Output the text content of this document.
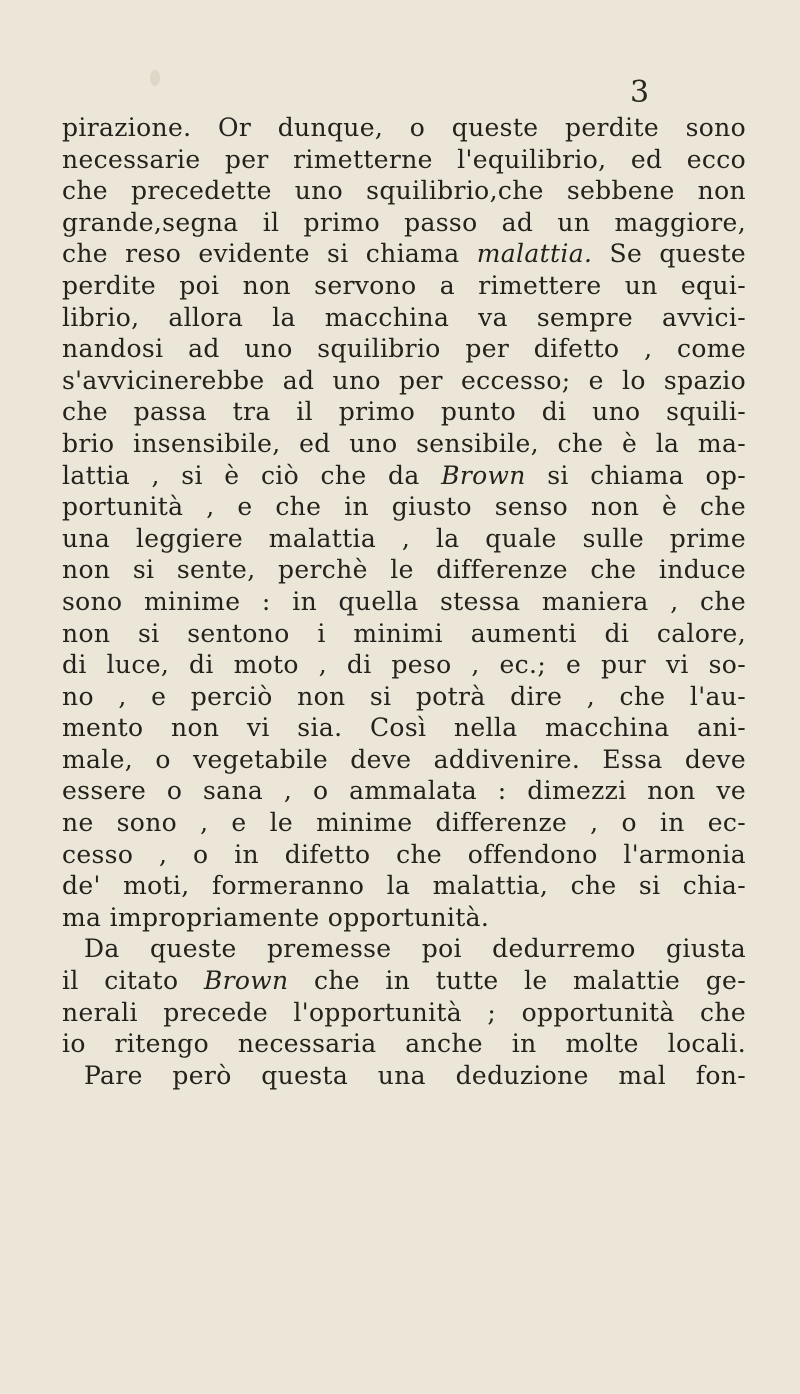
3
pirazione. Or dunque, o queste perdite sono
necessarie per rimetterne l'equilibrio, ed ecco
che precedette uno squilibrio,che sebbene non
grande,segna il primo passo ad un maggiore,
che reso evidente si chiama malattia. Se queste
perdite poi non servono a rimettere un equi-
librio, allora la macchina va sempre avvici-
nandosi ad uno squilibrio per difetto , come
s'avvicinerebbe ad uno per eccesso; e lo spazio
che passa tra il primo punto di uno squili-
brio insensibile, ed uno sensibile, che è la ma-
lattia , si è ciò che da Brown si chiama op-
portunità , e che in giusto senso non è che
una leggiere malattia , la quale sulle prime
non si sente, perchè le differenze che induce
sono minime : in quella stessa maniera , che
non si sentono i minimi aumenti di calore,
di luce, di moto , di peso , ec.; e pur vi so-
no , e perciò non si potrà dire , che l'au-
mento non vi sia. Così nella macchina ani-
male, o vegetabile deve addivenire. Essa deve
essere o sana , o ammalata : dimezzi non ve
ne sono , e le minime differenze , o in ec-
cesso , o in difetto che offendono l'armonia
de' moti, formeranno la malattia, che si chia-
ma impropriamente opportunità.
Da queste premesse poi dedurremo giusta
il citato Brown che in tutte le malattie ge-
nerali precede l'opportunità ; opportunità che
io ritengo necessaria anche in molte locali.
Pare però questa una deduzione mal fon-
